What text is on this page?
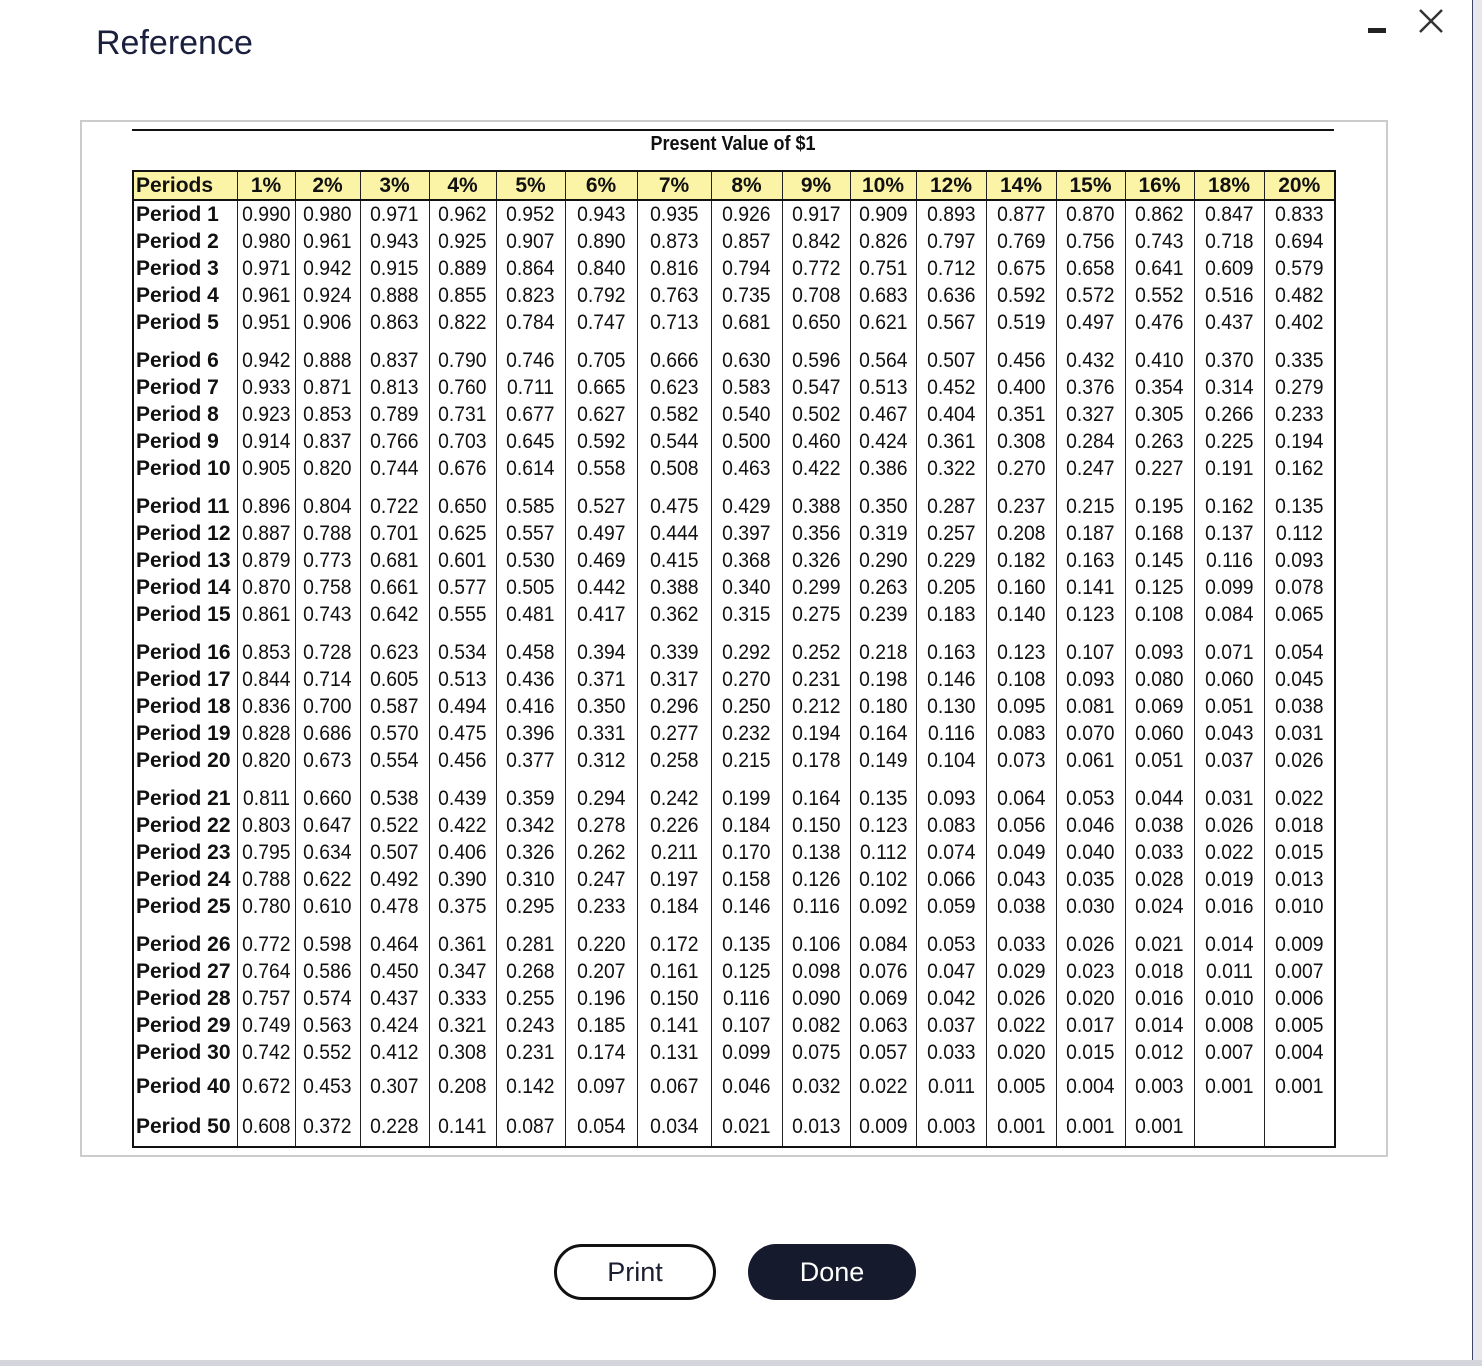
Reference
Present Value of $1
Periods	1%	2%	3%	4%	5%	6%	7%	8%	9%	10%	12%	14%	15%	16%	18%	20%
Period 1	0.990	0.980	0.971	0.962	0.952	0.943	0.935	0.926	0.917	0.909	0.893	0.877	0.870	0.862	0.847	0.833
Period 2	0.980	0.961	0.943	0.925	0.907	0.890	0.873	0.857	0.842	0.826	0.797	0.769	0.756	0.743	0.718	0.694
Period 3	0.971	0.942	0.915	0.889	0.864	0.840	0.816	0.794	0.772	0.751	0.712	0.675	0.658	0.641	0.609	0.579
Period 4	0.961	0.924	0.888	0.855	0.823	0.792	0.763	0.735	0.708	0.683	0.636	0.592	0.572	0.552	0.516	0.482
Period 5	0.951	0.906	0.863	0.822	0.784	0.747	0.713	0.681	0.650	0.621	0.567	0.519	0.497	0.476	0.437	0.402
Period 6	0.942	0.888	0.837	0.790	0.746	0.705	0.666	0.630	0.596	0.564	0.507	0.456	0.432	0.410	0.370	0.335
Period 7	0.933	0.871	0.813	0.760	0.711	0.665	0.623	0.583	0.547	0.513	0.452	0.400	0.376	0.354	0.314	0.279
Period 8	0.923	0.853	0.789	0.731	0.677	0.627	0.582	0.540	0.502	0.467	0.404	0.351	0.327	0.305	0.266	0.233
Period 9	0.914	0.837	0.766	0.703	0.645	0.592	0.544	0.500	0.460	0.424	0.361	0.308	0.284	0.263	0.225	0.194
Period 10	0.905	0.820	0.744	0.676	0.614	0.558	0.508	0.463	0.422	0.386	0.322	0.270	0.247	0.227	0.191	0.162
Period 11	0.896	0.804	0.722	0.650	0.585	0.527	0.475	0.429	0.388	0.350	0.287	0.237	0.215	0.195	0.162	0.135
Period 12	0.887	0.788	0.701	0.625	0.557	0.497	0.444	0.397	0.356	0.319	0.257	0.208	0.187	0.168	0.137	0.112
Period 13	0.879	0.773	0.681	0.601	0.530	0.469	0.415	0.368	0.326	0.290	0.229	0.182	0.163	0.145	0.116	0.093
Period 14	0.870	0.758	0.661	0.577	0.505	0.442	0.388	0.340	0.299	0.263	0.205	0.160	0.141	0.125	0.099	0.078
Period 15	0.861	0.743	0.642	0.555	0.481	0.417	0.362	0.315	0.275	0.239	0.183	0.140	0.123	0.108	0.084	0.065
Period 16	0.853	0.728	0.623	0.534	0.458	0.394	0.339	0.292	0.252	0.218	0.163	0.123	0.107	0.093	0.071	0.054
Period 17	0.844	0.714	0.605	0.513	0.436	0.371	0.317	0.270	0.231	0.198	0.146	0.108	0.093	0.080	0.060	0.045
Period 18	0.836	0.700	0.587	0.494	0.416	0.350	0.296	0.250	0.212	0.180	0.130	0.095	0.081	0.069	0.051	0.038
Period 19	0.828	0.686	0.570	0.475	0.396	0.331	0.277	0.232	0.194	0.164	0.116	0.083	0.070	0.060	0.043	0.031
Period 20	0.820	0.673	0.554	0.456	0.377	0.312	0.258	0.215	0.178	0.149	0.104	0.073	0.061	0.051	0.037	0.026
Period 21	0.811	0.660	0.538	0.439	0.359	0.294	0.242	0.199	0.164	0.135	0.093	0.064	0.053	0.044	0.031	0.022
Period 22	0.803	0.647	0.522	0.422	0.342	0.278	0.226	0.184	0.150	0.123	0.083	0.056	0.046	0.038	0.026	0.018
Period 23	0.795	0.634	0.507	0.406	0.326	0.262	0.211	0.170	0.138	0.112	0.074	0.049	0.040	0.033	0.022	0.015
Period 24	0.788	0.622	0.492	0.390	0.310	0.247	0.197	0.158	0.126	0.102	0.066	0.043	0.035	0.028	0.019	0.013
Period 25	0.780	0.610	0.478	0.375	0.295	0.233	0.184	0.146	0.116	0.092	0.059	0.038	0.030	0.024	0.016	0.010
Period 26	0.772	0.598	0.464	0.361	0.281	0.220	0.172	0.135	0.106	0.084	0.053	0.033	0.026	0.021	0.014	0.009
Period 27	0.764	0.586	0.450	0.347	0.268	0.207	0.161	0.125	0.098	0.076	0.047	0.029	0.023	0.018	0.011	0.007
Period 28	0.757	0.574	0.437	0.333	0.255	0.196	0.150	0.116	0.090	0.069	0.042	0.026	0.020	0.016	0.010	0.006
Period 29	0.749	0.563	0.424	0.321	0.243	0.185	0.141	0.107	0.082	0.063	0.037	0.022	0.017	0.014	0.008	0.005
Period 30	0.742	0.552	0.412	0.308	0.231	0.174	0.131	0.099	0.075	0.057	0.033	0.020	0.015	0.012	0.007	0.004
Period 40	0.672	0.453	0.307	0.208	0.142	0.097	0.067	0.046	0.032	0.022	0.011	0.005	0.004	0.003	0.001	0.001
Period 50	0.608	0.372	0.228	0.141	0.087	0.054	0.034	0.021	0.013	0.009	0.003	0.001	0.001	0.001		
Print	Done
